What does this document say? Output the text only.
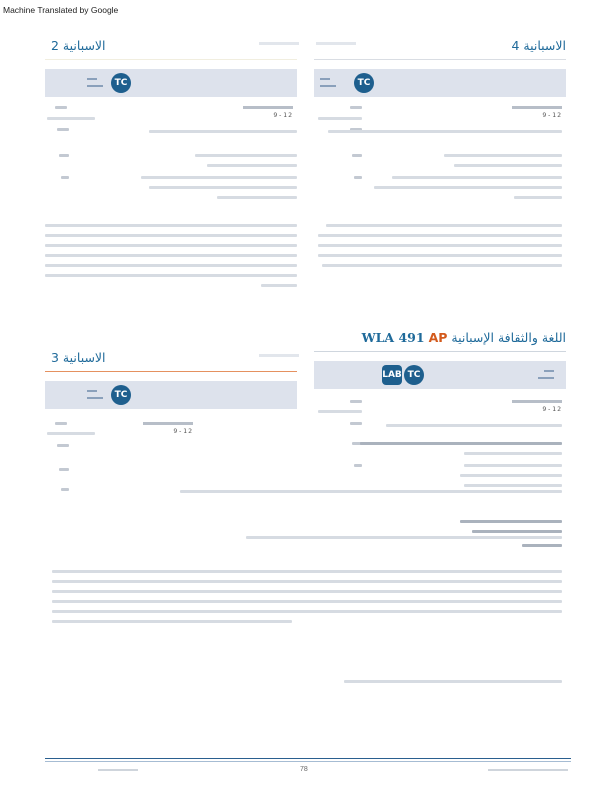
Machine Translated by Google
الاسبانية 4
TC
9-12
الاسبانية 2
TC
9-12
اللغة والثقافة الإسبانية WLA 491 AP
LAB TC
9-12
الاسبانية 3
TC
9-12
78
